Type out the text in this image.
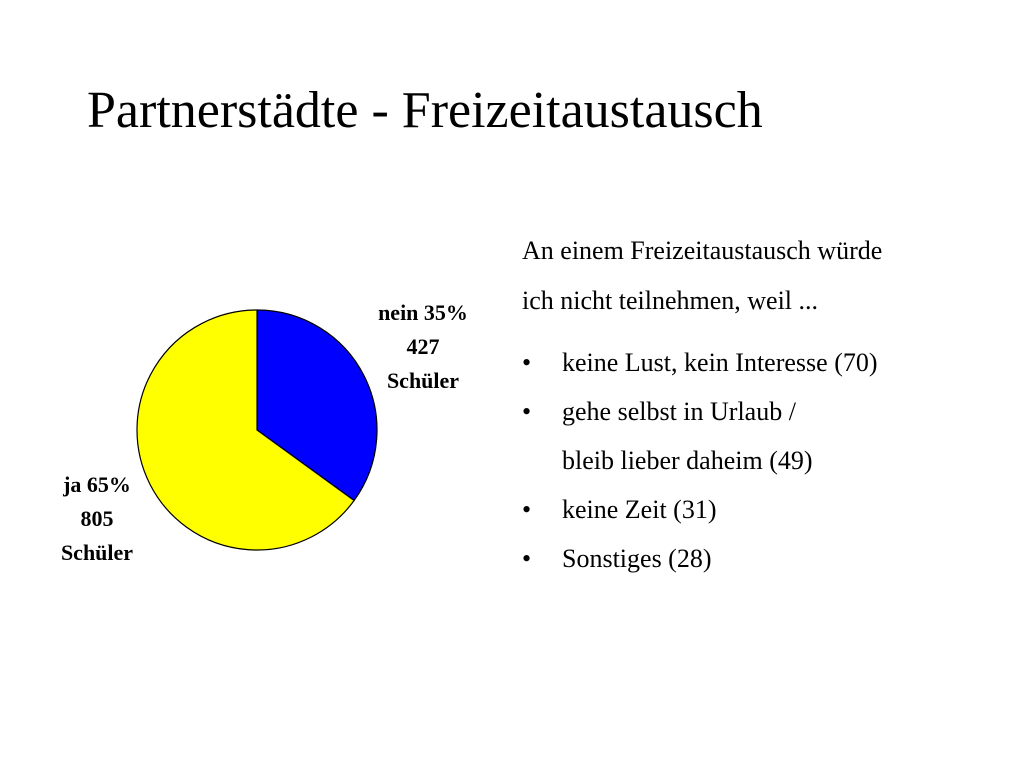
Partnerstädte - Freizeitaustausch
nein 35%
427
Schüler
ja 65%
805
Schüler
An einem Freizeitaustausch würde
ich nicht teilnehmen, weil ...
• keine Lust, kein Interesse (70)
• gehe selbst in Urlaub /
bleib lieber daheim (49)
• keine Zeit (31)
• Sonstiges (28)
